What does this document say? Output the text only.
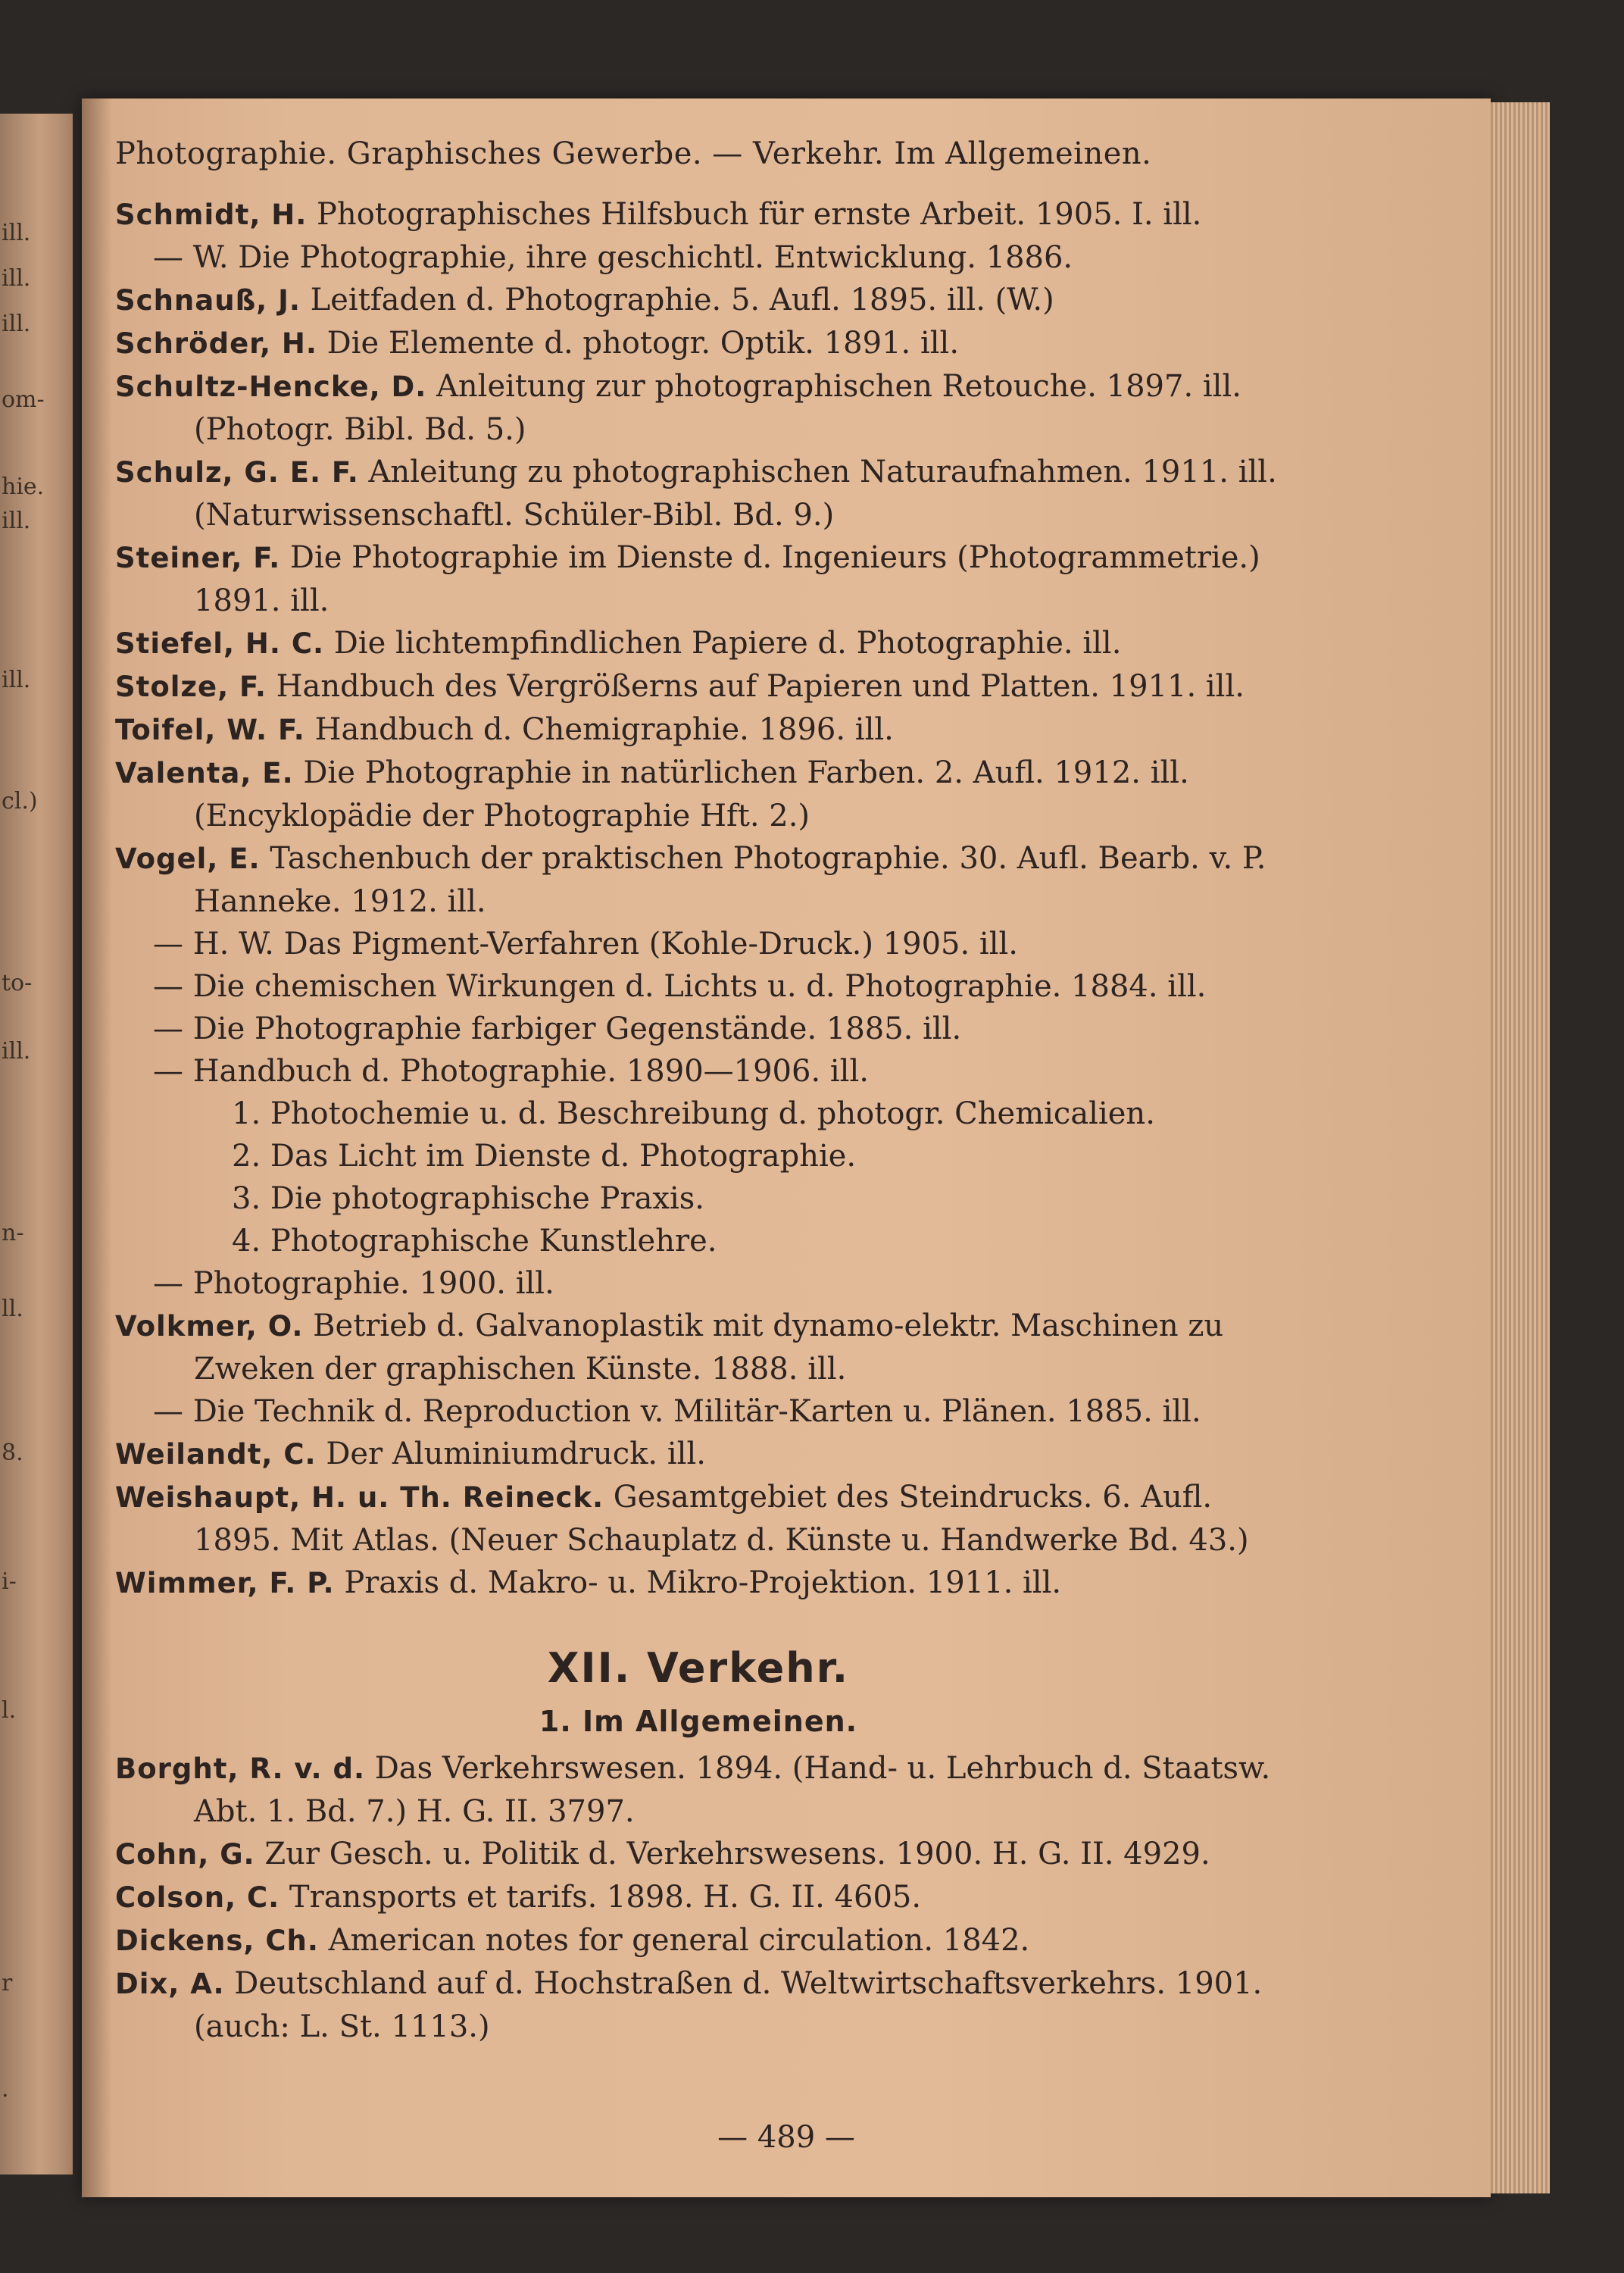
ill.
ill.
ill.
om-
hie.
ill.
ill.
cl.)
to-
ill.
n-
ll.
8.
i-
l.
r
.
— 489 —
Photographie. Graphisches Gewerbe. — Verkehr. Im Allgemeinen.
Schmidt, H. Photographisches Hilfsbuch für ernste Arbeit. 1905. I. ill.
— W. Die Photographie, ihre geschichtl. Entwicklung. 1886.
Schnauß, J. Leitfaden d. Photographie. 5. Aufl. 1895. ill. (W.)
Schröder, H. Die Elemente d. photogr. Optik. 1891. ill.
Schultz-Hencke, D. Anleitung zur photographischen Retouche. 1897. ill. (Photogr. Bibl. Bd. 5.)
Schulz, G. E. F. Anleitung zu photographischen Naturaufnahmen. 1911. ill. (Naturwissenschaftl. Schüler-Bibl. Bd. 9.)
Steiner, F. Die Photographie im Dienste d. Ingenieurs (Photogrammetrie.) 1891. ill.
Stiefel, H. C. Die lichtempfindlichen Papiere d. Photographie. ill.
Stolze, F. Handbuch des Vergrößerns auf Papieren und Platten. 1911. ill.
Toifel, W. F. Handbuch d. Chemigraphie. 1896. ill.
Valenta, E. Die Photographie in natürlichen Farben. 2. Aufl. 1912. ill. (Encyklopädie der Photographie Hft. 2.)
Vogel, E. Taschenbuch der praktischen Photographie. 30. Aufl. Bearb. v. P. Hanneke. 1912. ill.
— H. W. Das Pigment-Verfahren (Kohle-Druck.) 1905. ill.
— Die chemischen Wirkungen d. Lichts u. d. Photographie. 1884. ill.
— Die Photographie farbiger Gegenstände. 1885. ill.
— Handbuch d. Photographie. 1890—1906. ill.
1. Photochemie u. d. Beschreibung d. photogr. Chemicalien.
2. Das Licht im Dienste d. Photographie.
3. Die photographische Praxis.
4. Photographische Kunstlehre.
— Photographie. 1900. ill.
Volkmer, O. Betrieb d. Galvanoplastik mit dynamo-elektr. Maschinen zu Zweken der graphischen Künste. 1888. ill.
— Die Technik d. Reproduction v. Militär-Karten u. Plänen. 1885. ill.
Weilandt, C. Der Aluminiumdruck. ill.
Weishaupt, H. u. Th. Reineck. Gesamtgebiet des Steindrucks. 6. Aufl. 1895. Mit Atlas. (Neuer Schauplatz d. Künste u. Handwerke Bd. 43.)
Wimmer, F. P. Praxis d. Makro- u. Mikro-Projektion. 1911. ill.
XII. Verkehr.
1. Im Allgemeinen.
Borght, R. v. d. Das Verkehrswesen. 1894. (Hand- u. Lehrbuch d. Staatsw. Abt. 1. Bd. 7.) H. G. II. 3797.
Cohn, G. Zur Gesch. u. Politik d. Verkehrswesens. 1900. H. G. II. 4929.
Colson, C. Transports et tarifs. 1898. H. G. II. 4605.
Dickens, Ch. American notes for general circulation. 1842.
Dix, A. Deutschland auf d. Hochstraßen d. Weltwirtschaftsverkehrs. 1901. (auch: L. St. 1113.)
